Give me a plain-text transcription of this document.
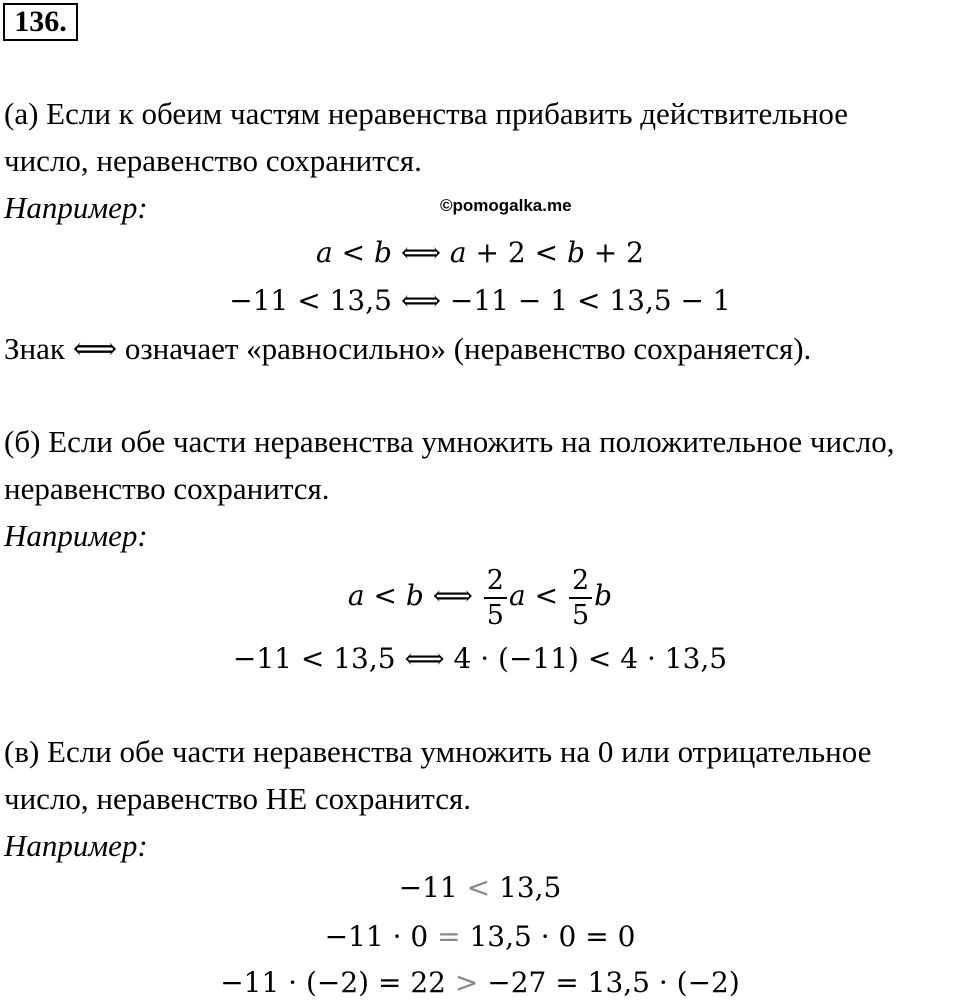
136.
(а) Если к обеим частям неравенства прибавить действительное
число, неравенство сохранится.
Например:	©pomogalka.me
a < b ⟺ a + 2 < b + 2
−11 < 13,5 ⟺ −11 − 1 < 13,5 − 1
Знак ⟺ означает «равносильно» (неравенство сохраняется).
(б) Если обе части неравенства умножить на положительное число,
неравенство сохранится.
Например:
a < b ⟺ $\frac{2}{5}$ $a < \frac{2}{5}$ b
−11 < 13,5 ⟺ 4 · (−11) < 4 · 13,5
(в) Если обе части неравенства умножить на 0 или отрицательное
число, неравенство НЕ сохранится.
Например:
−11 < 13,5
−11 · 0 = 13,5 · 0 = 0
−11 · (−2) = 22 > −27 = 13,5 · (−2)
